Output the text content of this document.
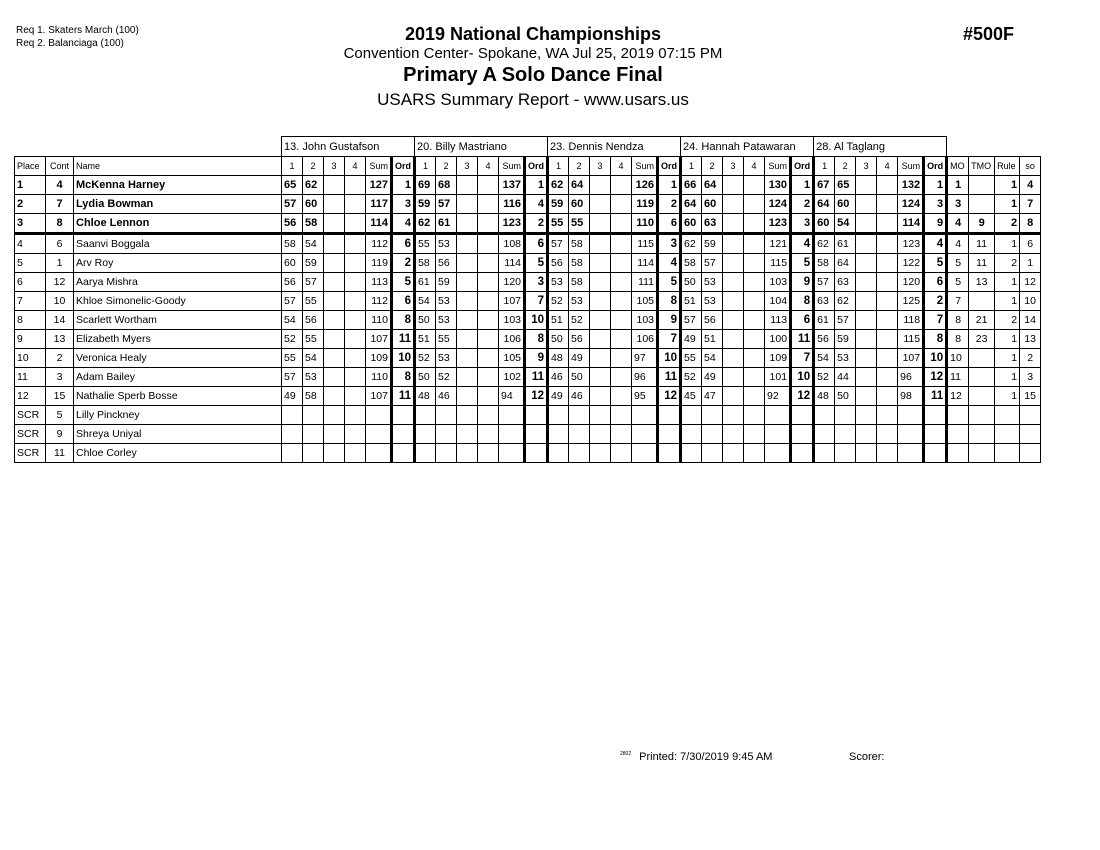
Req 1. Skaters March (100)
Req 2. Balanciaga (100)	2019 National Championships
Convention Center- Spokane, WA Jul 25, 2019 07:15 PM
Primary A Solo Dance Final
USARS Summary Report - www.usars.us
#500F
			13. John Gustafson						20. Billy Mastriano						23. Dennis Nendza						24. Hannah Patawaran						28. Al Taglang									
Place	Cont	Name	1	2	3	4	Sum	Ord	1	2	3	4	Sum	Ord	1	2	3	4	Sum	Ord	1	2	3	4	Sum	Ord	1	2	3	4	Sum	Ord	MO	TMO	Rule	so
1	4	McKenna Harney	65	62			127	1	69	68			137	1	62	64			126	1	66	64			130	1	67	65			132	1	1		1	4
2	7	Lydia Bowman	57	60			117	3	59	57			116	4	59	60			119	2	64	60			124	2	64	60			124	3	3		1	7
3	8	Chloe Lennon	56	58			114	4	62	61			123	2	55	55			110	6	60	63			123	3	60	54			114	9	4	9	2	8
4	6	Saanvi Boggala	58	54			112	6	55	53			108	6	57	58			115	3	62	59			121	4	62	61			123	4	4	11	1	6
5	1	Arv Roy	60	59			119	2	58	56			114	5	56	58			114	4	58	57			115	5	58	64			122	5	5	11	2	1
6	12	Aarya Mishra	56	57			113	5	61	59			120	3	53	58			111	5	50	53			103	9	57	63			120	6	5	13	1	12
7	10	Khloe Simonelic-Goody	57	55			112	6	54	53			107	7	52	53			105	8	51	53			104	8	63	62			125	2	7		1	10
8	14	Scarlett Wortham	54	56			110	8	50	53			103	10	51	52			103	9	57	56			113	6	61	57			118	7	8	21	2	14
9	13	Elizabeth Myers	52	55			107	11	51	55			106	8	50	56			106	7	49	51			100	11	56	59			115	8	8	23	1	13
10	2	Veronica Healy	55	54			109	10	52	53			105	9	48	49			97	10	55	54			109	7	54	53			107	10	10		1	2
11	3	Adam Bailey	57	53			110	8	50	52			102	11	46	50			96	11	52	49			101	10	52	44			96	12	11		1	3
12	15	Nathalie Sperb Bosse	49	58			107	11	48	46			94	12	49	46			95	12	45	47			92	12	48	50			98	11	12		1	15
SCR	5	Lilly Pinckney																																		
SCR	9	Shreya Uniyal																																		
SCR	11	Chloe Corley																																		
$^{2802}$ Printed: 7/30/2019 9:45 AM	Scorer:
